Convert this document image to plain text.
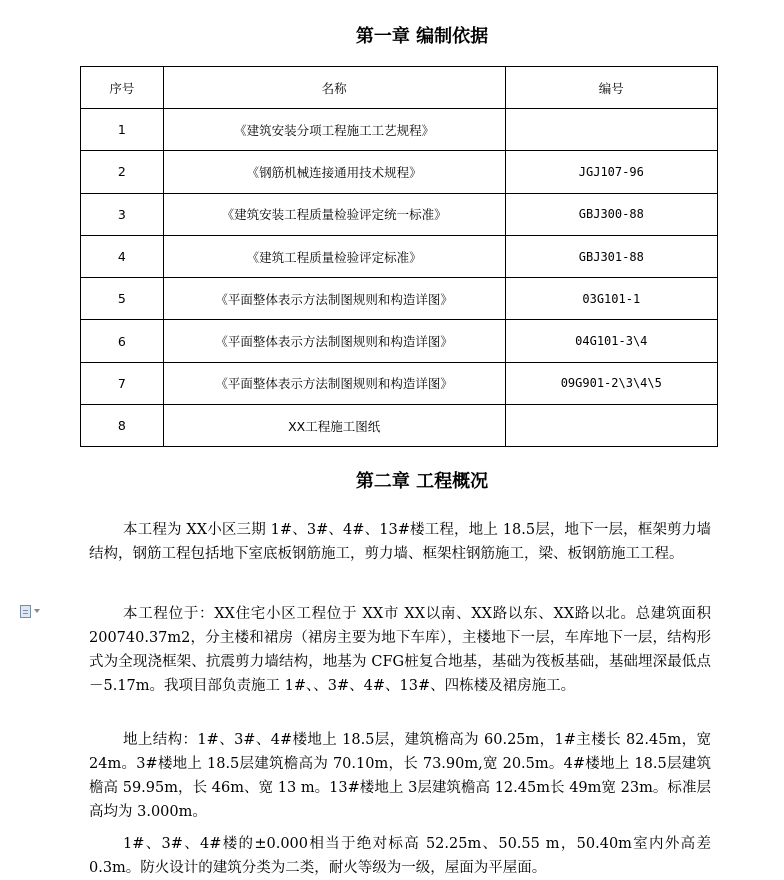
第一章 编制依据
序号	名称	编号
1	《建筑安装分项工程施工工艺规程》	
2	《钢筋机械连接通用技术规程》	JGJ107-96
3	《建筑安装工程质量检验评定统一标准》	GBJ300-88
4	《建筑工程质量检验评定标准》	GBJ301-88
5	《平面整体表示方法制图规则和构造详图》	03G101-1
6	《平面整体表示方法制图规则和构造详图》	04G101-3\4
7	《平面整体表示方法制图规则和构造详图》	09G901-2\3\4\5
8	XX工程施工图纸	
第二章 工程概况

本工程为 XX小区三期 1#、3#、4#、13#楼工程，地上 18.5层，地下一层，框架剪力墙结构，钢筋工程包括地下室底板钢筋施工，剪力墙、框架柱钢筋施工，梁、板钢筋施工工程。

本工程位于：XX住宅小区工程位于 XX市 XX以南、XX路以东、XX路以北。总建筑面积 200740.37m2，分主楼和裙房（裙房主要为地下车库），主楼地下一层，车库地下一层，结构形式为全现浇框架、抗震剪力墙结构，地基为 CFG桩复合地基，基础为筏板基础，基础埋深最低点－5.17m。我项目部负责施工 1#、、3#、4#、13#、四栋楼及裙房施工。

地上结构：1#、3#、4#楼地上 18.5层，建筑檐高为 60.25m，1#主楼长 82.45m，宽 24m。3#楼地上 18.5层建筑檐高为 70.10m，长 73.90m,宽 20.5m。4#楼地上 18.5层建筑檐高 59.95m，长 46m、宽 13 m。13#楼地上 3层建筑檐高 12.45m长 49m宽 23m。标准层高均为 3.000m。

1#、3#、4#楼的±0.000相当于绝对标高 52.25m、50.55 m，50.40m室内外高差 0.3m。防火设计的建筑分类为二类，耐火等级为一级，屋面为平屋面。
